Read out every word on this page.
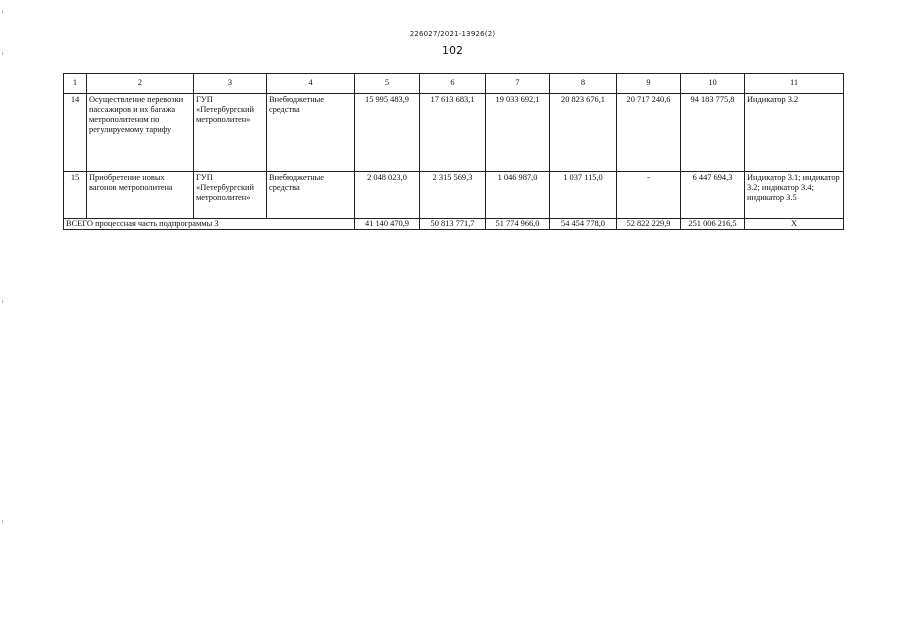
226027/2021-13926(2)
102
1	2	3	4	5	6	7	8	9	10	11
14	Осуществление перевозки пассажиров и их багажа метрополитеном по регулируемому тарифу	ГУП «Петербургский метрополитен»	Внебюджетные средства	15 995 483,9	17 613 683,1	19 033 692,1	20 823 676,1	20 717 240,6	94 183 775,8	Индикатор 3.2
15	Приобретение новых вагонов метрополитена	ГУП «Петербургский метрополитен»	Внебюджетные средства	2 048 023,0	2 315 569,3	1 046 987,0	1 037 115,0	-	6 447 694,3	Индикатор 3.1; индикатор 3.2; индикатор 3.4; индикатор 3.5
ВСЕГО процессная часть подпрограммы 3				41 140 470,9	50 813 771,7	51 774 966,0	54 454 778,0	52 822 229,9	251 006 216,5	Х
